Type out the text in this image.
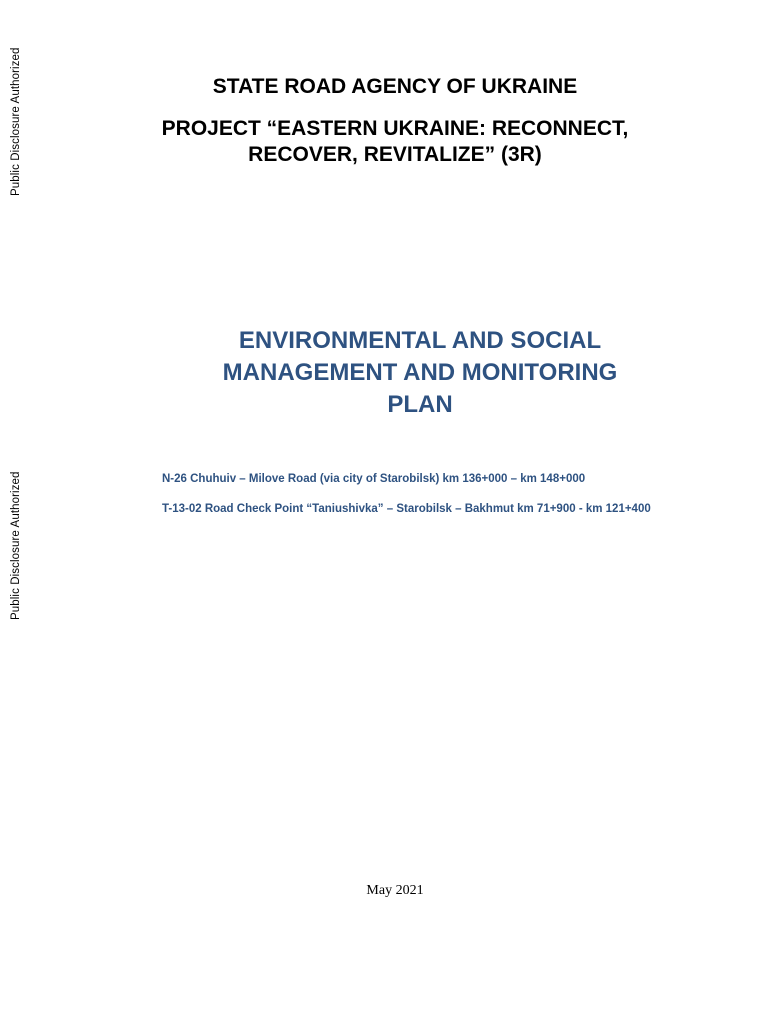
Public Disclosure Authorized
Public Disclosure Authorized
STATE ROAD AGENCY OF UKRAINE
PROJECT “EASTERN UKRAINE: RECONNECT,
RECOVER, REVITALIZE” (3R)
ENVIRONMENTAL AND SOCIAL
MANAGEMENT AND MONITORING
PLAN
N-26 Chuhuiv – Milove Road (via city of Starobilsk) km 136+000 – km 148+000
T-13-02 Road Check Point “Taniushivka” – Starobilsk – Bakhmut km 71+900 - km 121+400
May 2021
